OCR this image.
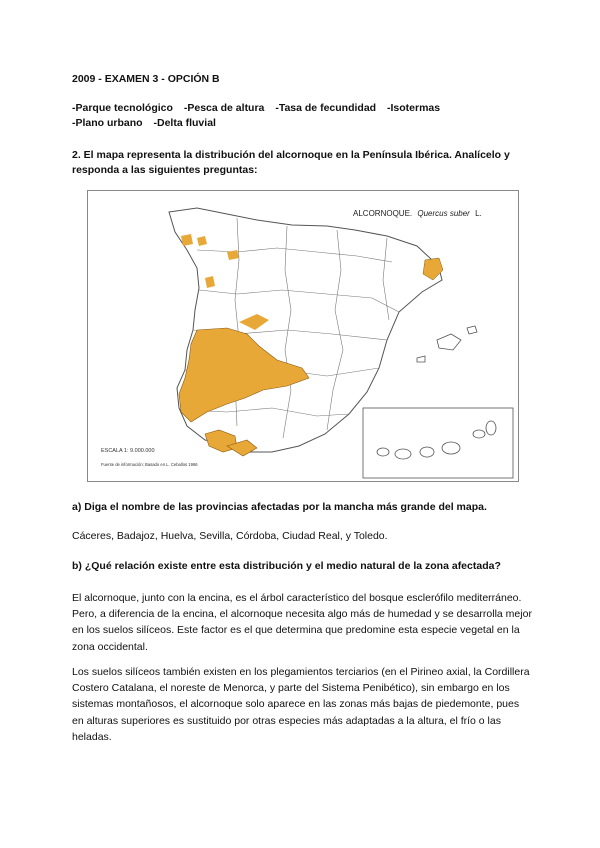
2009 - EXAMEN 3 - OPCIÓN B
-Parque tecnológico -Pesca de altura -Tasa de fecundidad -Isotermas
-Plano urbano -Delta fluvial
2. El mapa representa la distribución del alcornoque en la Península Ibérica. Analícelo y responda a las siguientes preguntas:
ALCORNOQUE. Quercus suber L.
ESCALA 1: 9.000.000
Fuente de información: Basado en L. Ceballos 1966
a) Diga el nombre de las provincias afectadas por la mancha más grande del mapa.
Cáceres, Badajoz, Huelva, Sevilla, Córdoba, Ciudad Real, y Toledo.
b) ¿Qué relación existe entre esta distribución y el medio natural de la zona afectada?

El alcornoque, junto con la encina, es el árbol característico del bosque esclerófilo mediterráneo. Pero, a diferencia de la encina, el alcornoque necesita algo más de humedad y se desarrolla mejor en los suelos silíceos. Este factor es el que determina que predomine esta especie vegetal en la zona occidental.

Los suelos silíceos también existen en los plegamientos terciarios (en el Pirineo axial, la Cordillera Costero Catalana, el noreste de Menorca, y parte del Sistema Penibético), sin embargo en los sistemas montañosos, el alcornoque solo aparece en las zonas más bajas de piedemonte, pues en alturas superiores es sustituido por otras especies más adaptadas a la altura, el frío o las heladas.
